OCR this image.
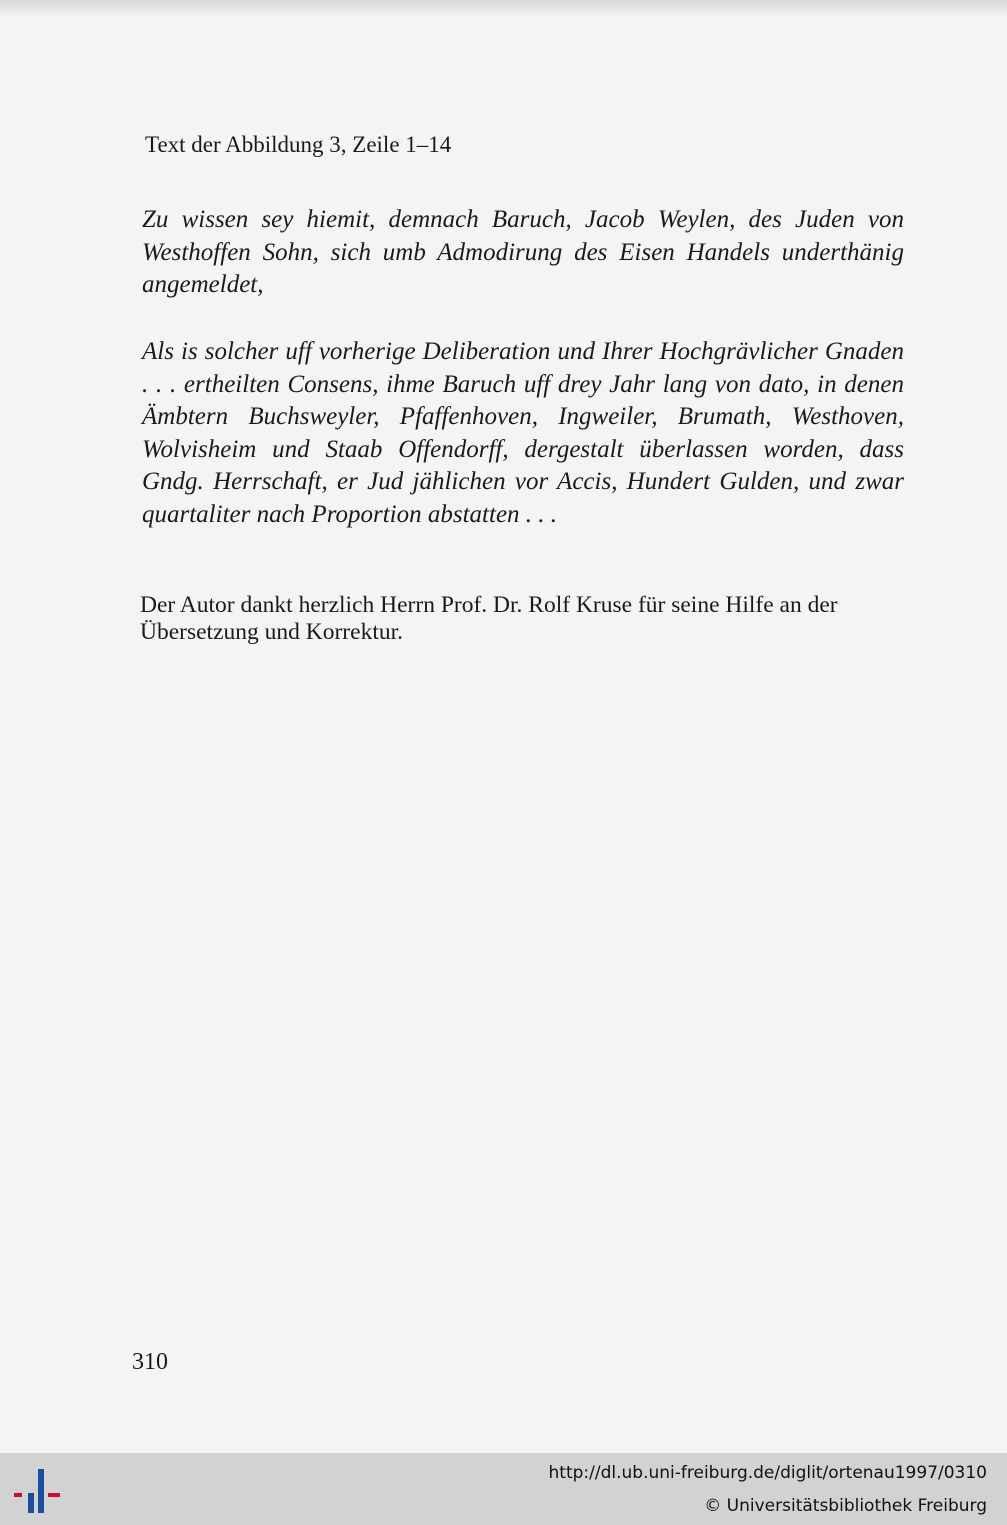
Text der Abbildung 3, Zeile 1–14

Zu wissen sey hiemit, demnach Baruch, Jacob Weylen, des Juden von Westhoffen Sohn, sich umb Admodirung des Eisen Handels underthänig angemeldet,

Als is solcher uff vorherige Deliberation und Ihrer Hochgrävlicher Gnaden . . . ertheilten Consens, ihme Baruch uff drey Jahr lang von dato, in denen Ämbtern Buchsweyler, Pfaffenhoven, Ingweiler, Brumath, Westhoven, Wolvisheim und Staab Offendorff, dergestalt überlassen worden, dass Gndg. Herrschaft, er Jud jählichen vor Accis, Hundert Gulden, und zwar quartaliter nach Proportion abstatten . . .

Der Autor dankt herzlich Herrn Prof. Dr. Rolf Kruse für seine Hilfe an der Übersetzung und Korrektur.

310
http://dl.ub.uni-freiburg.de/diglit/ortenau1997/0310
© Universitätsbibliothek Freiburg
